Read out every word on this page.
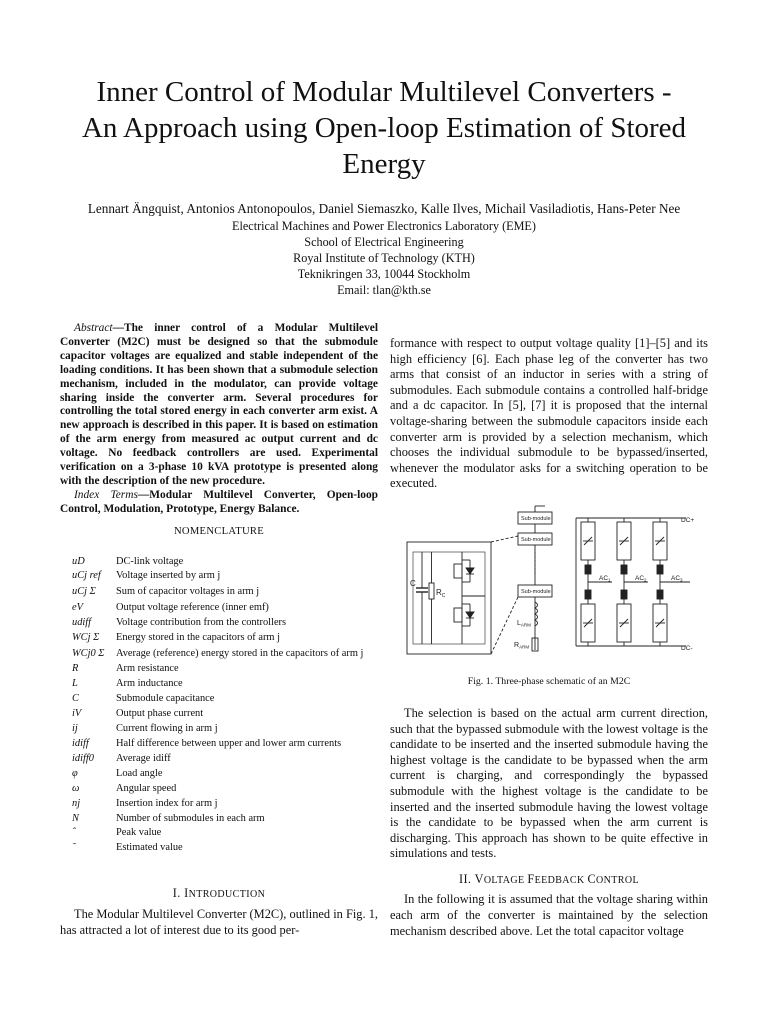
Inner Control of Modular Multilevel Converters -
An Approach using Open-loop Estimation of Stored
Energy
Lennart Ängquist, Antonios Antonopoulos, Daniel Siemaszko, Kalle Ilves, Michail Vasiladiotis, Hans-Peter Nee
Electrical Machines and Power Electronics Laboratory (EME)
School of Electrical Engineering
Royal Institute of Technology (KTH)
Teknikringen 33, 10044 Stockholm
Email: tlan@kth.se
Abstract—The inner control of a Modular Multilevel Converter (M2C) must be designed so that the submodule capacitor voltages are equalized and stable independent of the loading conditions. It has been shown that a submodule selection mechanism, included in the modulator, can provide voltage sharing inside the converter arm. Several procedures for controlling the total stored energy in each converter arm exist. A new approach is described in this paper. It is based on estimation of the arm energy from measured ac output current and dc voltage. No feedback controllers are used. Experimental verification on a 3-phase 10 kVA prototype is presented along with the description of the new procedure.
Index Terms—Modular Multilevel Converter, Open-loop Control, Modulation, Prototype, Energy Balance.
NOMENCLATURE
uD	DC-link voltage
uCj ref	Voltage inserted by arm j
uCj Σ	Sum of capacitor voltages in arm j
eV	Output voltage reference (inner emf)
udiff	Voltage contribution from the controllers
WCj Σ	Energy stored in the capacitors of arm j
WCj0 Σ	Average (reference) energy stored in the capacitors of arm j
R	Arm resistance
L	Arm inductance
C	Submodule capacitance
iV	Output phase current
ij	Current flowing in arm j
idiff	Half difference between upper and lower arm currents
idiff0	Average idiff
φ	Load angle
ω	Angular speed
nj	Insertion index for arm j
N	Number of submodules in each arm
ˆ	Peak value
˜	Estimated value
I. INTRODUCTION
The Modular Multilevel Converter (M2C), outlined in Fig. 1, has attracted a lot of interest due to its good per-
formance with respect to output voltage quality [1]–[5] and its high efficiency [6]. Each phase leg of the converter has two arms that consist of an inductor in series with a string of submodules. Each submodule contains a controlled half-bridge and a dc capacitor. In [5], [7] it is proposed that the internal voltage-sharing between the submodule capacitors inside each converter arm is provided by a selection mechanism, which chooses the individual submodule to be bypassed/inserted, whenever the modulator asks for a switching operation to be executed.
Sub-module
Sub-module
Sub-module
C
$R_C$
$L_{ARM}$
$R_{ARM}$
DC+
DC-
$AC_1$	$AC_2$	$AC_3$
Fig. 1. Three-phase schematic of an M2C
The selection is based on the actual arm current direction, such that the bypassed submodule with the lowest voltage is the candidate to be inserted and the inserted submodule having the highest voltage is the candidate to be bypassed when the arm current is charging, and correspondingly the bypassed submodule with the highest voltage is the candidate to be inserted and the inserted submodule having the lowest voltage is the candidate to be bypassed when the arm current is discharging. This approach has shown to be quite effective in simulations and tests.
II. VOLTAGE FEEDBACK CONTROL
In the following it is assumed that the voltage sharing within each arm of the converter is maintained by the selection mechanism described above. Let the total capacitor voltage
